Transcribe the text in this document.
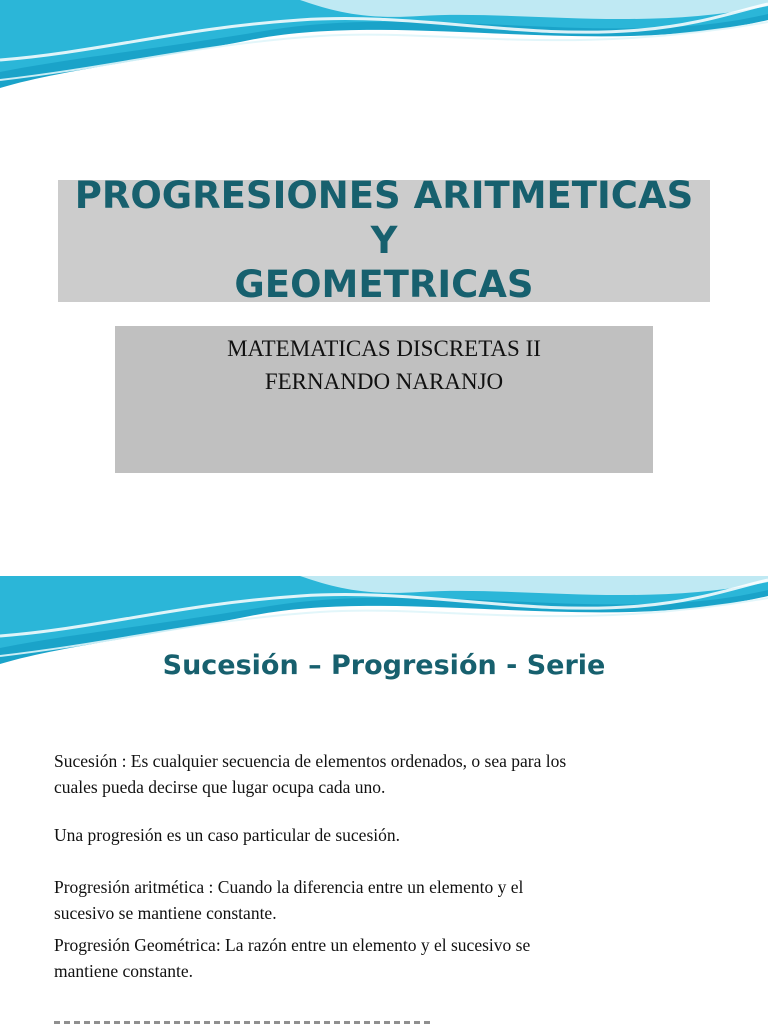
PROGRESIONES ARITMETICAS Y
GEOMETRICAS
MATEMATICAS DISCRETAS II
FERNANDO NARANJO
Sucesión – Progresión - Serie

Sucesión : Es cualquier secuencia de elementos ordenados, o sea para los
cuales pueda decirse que lugar ocupa cada uno.

Una progresión es un caso particular de sucesión.

Progresión aritmética : Cuando la diferencia entre un elemento y el
sucesivo se mantiene constante.

Progresión Geométrica: La razón entre un elemento y el sucesivo se
mantiene constante.
